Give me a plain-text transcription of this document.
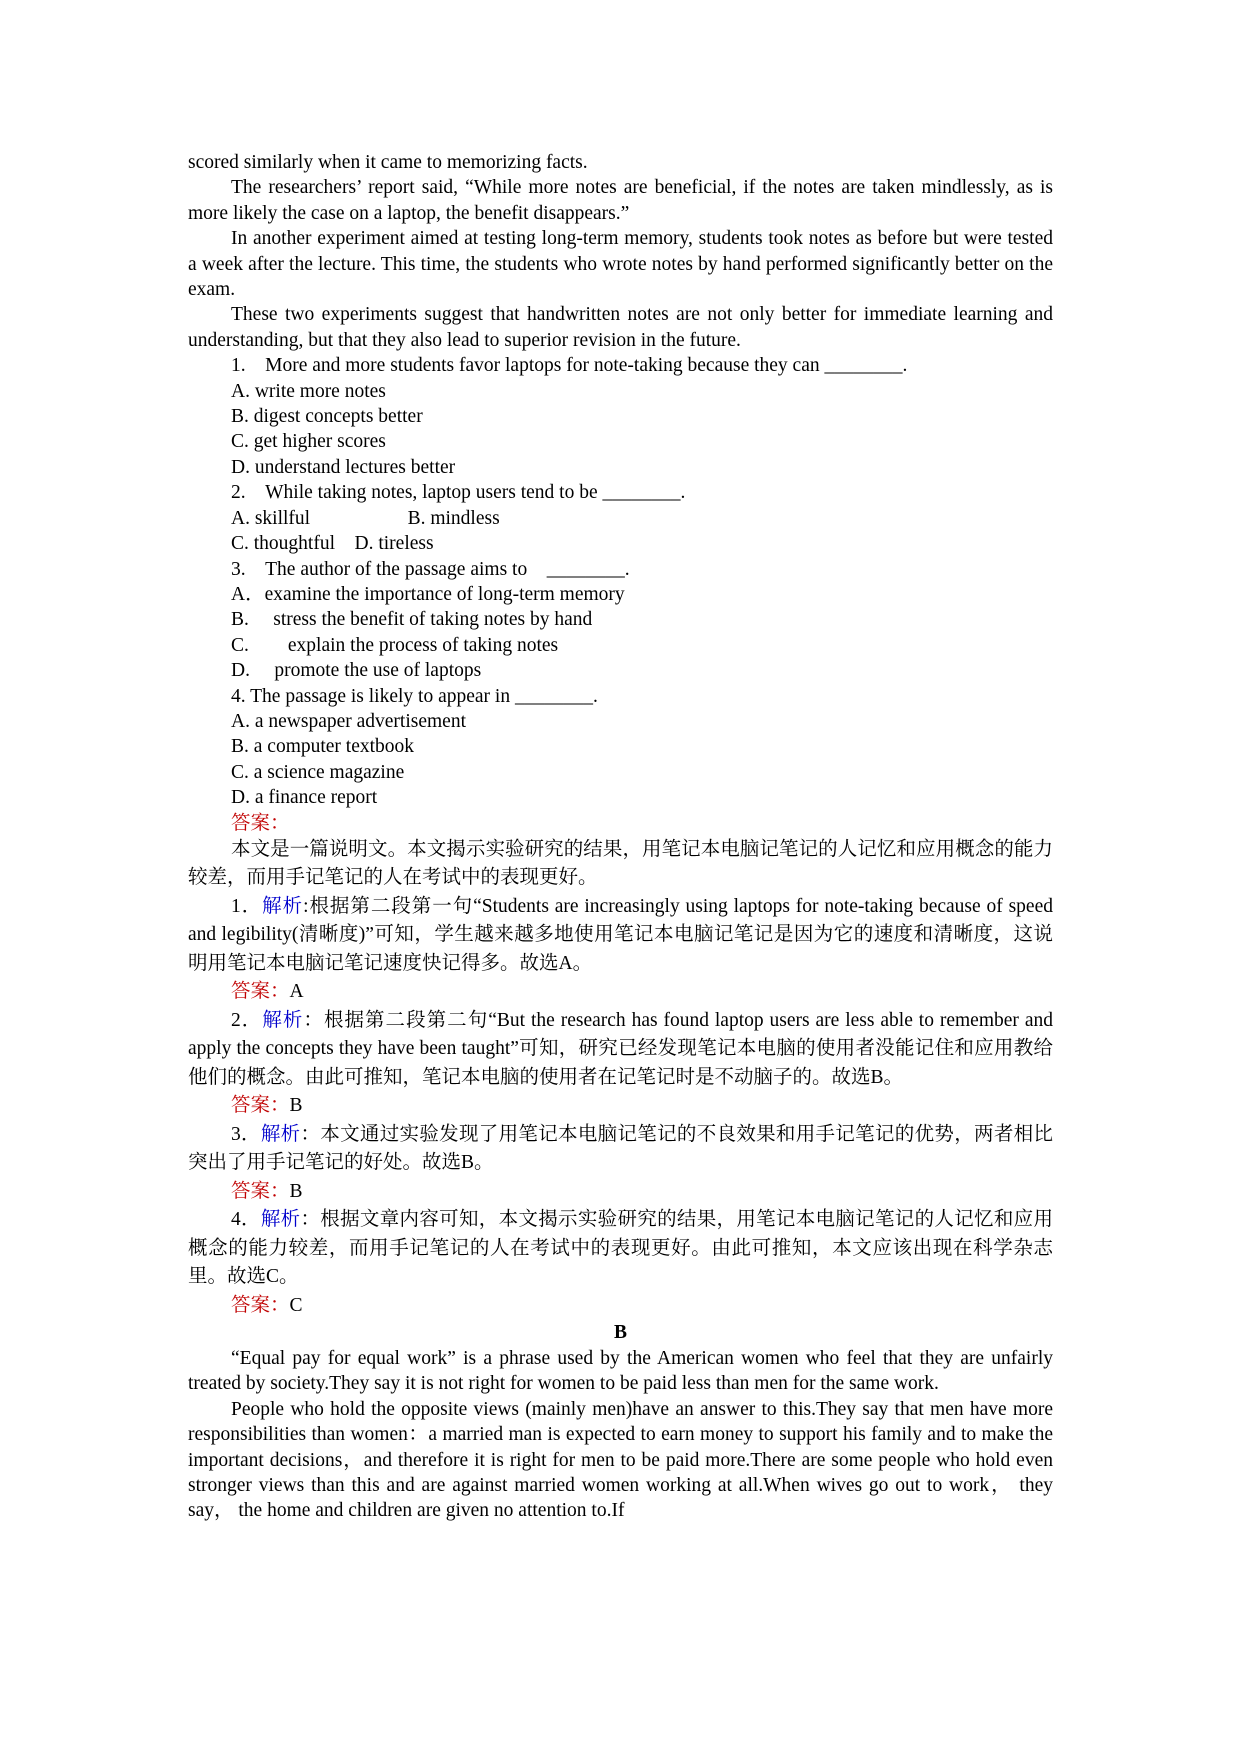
scored similarly when it came to memorizing facts.

The researchers’ report said, “While more notes are beneficial, if the notes are taken mindlessly, as is more likely the case on a laptop, the benefit disappears.”

In another experiment aimed at testing long-term memory, students took notes as before but were tested a week after the lecture. This time, the students who wrote notes by hand performed significantly better on the exam.

These two experiments suggest that handwritten notes are not only better for immediate learning and understanding, but that they also lead to superior revision in the future.

1.　More and more students favor laptops for note-taking because they can ________.

A. write more notes

B. digest concepts better

C. get higher scores

D. understand lectures better

2.　While taking notes, laptop users tend to be ________.

A. skillful　　　　　B. mindless

C. thoughtful　D. tireless

3.　The author of the passage aims to　________.

A．examine the importance of long-term memory

B.　 stress the benefit of taking notes by hand

C.　　explain the process of taking notes

D.　 promote the use of laptops

4. The passage is likely to appear in ________.

A. a newspaper advertisement

B. a computer textbook

C. a science magazine

D. a finance report

答案：

本文是一篇说明文。本文揭示实验研究的结果，用笔记本电脑记笔记的人记忆和应用概念的能力较差，而用手记笔记的人在考试中的表现更好。

1．解析:根据第二段第一句“Students are increasingly using laptops for note-taking because of speed and legibility(清晰度)”可知，学生越来越多地使用笔记本电脑记笔记是因为它的速度和清晰度，这说明用笔记本电脑记笔记速度快记得多。故选A。

答案：A

2．解析：根据第二段第二句“But the research has found laptop users are less able to remember and apply the concepts they have been taught”可知，研究已经发现笔记本电脑的使用者没能记住和应用教给他们的概念。由此可推知，笔记本电脑的使用者在记笔记时是不动脑子的。故选B。

答案：B

3．解析：本文通过实验发现了用笔记本电脑记笔记的不良效果和用手记笔记的优势，两者相比突出了用手记笔记的好处。故选B。

答案：B

4．解析：根据文章内容可知，本文揭示实验研究的结果，用笔记本电脑记笔记的人记忆和应用概念的能力较差，而用手记笔记的人在考试中的表现更好。由此可推知，本文应该出现在科学杂志里。故选C。

答案：C

B

“Equal pay for equal work” is a phrase used by the American women who feel that they are unfairly treated by society.They say it is not right for women to be paid less than men for the same work.

People who hold the opposite views (mainly men)have an answer to this.They say that men have more responsibilities than women：a married man is expected to earn money to support his family and to make the important decisions，and therefore it is right for men to be paid more.There are some people who hold even stronger views than this and are against married women working at all.When wives go out to work， they say， the home and children are given no attention to.If
